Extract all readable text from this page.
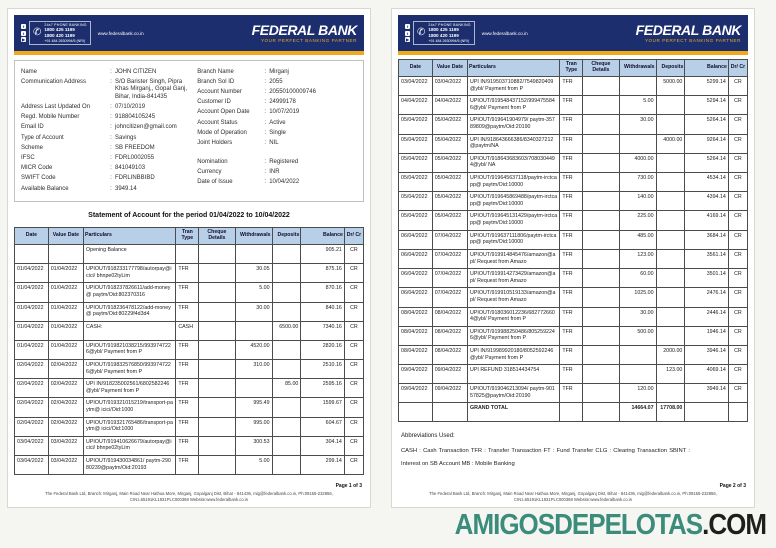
f
t
▶
✆
24x7 PHONE BANKING
1800 425 1199
1800 420 1199
+91 484 2630994/5 (NRI)
www.federalbank.co.in	FEDERAL BANK
YOUR PERFECT BANKING PARTNER
Name	: JOHN CITIZEN
Communication Address	: S/O Barister Singh, Pipra Khas Mirganj,, Gopal Ganj, Bihar, India-841435
Address Last Updated On	: 07/10/2019
Regd. Mobile Number	: 918804105245
Email ID	: johncitizen@gmail.com
Type of Account	: Savings
Scheme	: SB FREEDOM
IFSC	: FDRL0002055
MICR Code	: 841049103
SWIFT Code	: FDRLINBBIBD
Available Balance	: 3949.14
Branch Name	: Mirganj
Branch Sol ID	: 2055
Account Number	: 20550100009746
Customer ID	: 24999178
Account Open Date	: 10/07/2019
Account Status	: Active
Mode of Operation	: Single
Joint Holders	: NIL
Nomination	: Registered
Currency	: INR
Date of Issue	: 10/04/2022
Statement of Account for the period 01/04/2022 to 10/04/2022
Date	Value Date	Particulars	Tran Type	Cheque Details	Withdrawals	Deposits	Balance	Dr/ Cr
		Opening Balance					905.21	CR
01/04/2022	01/04/2022	UPIOUT/918233177798/autorpay@icici/ bhnpe02tyLim	TFR		30.05		875.16	CR
01/04/2022	01/04/2022	UPIOUT/918237826611/add-money@ paytm/Oid:802370316	TFR		5.00		870.16	CR
01/04/2022	01/04/2022	UPIOUT/918236478122/add-money@ paytm/Oid:80229f4d3d4	TFR		30.00		840.16	CR
01/04/2022	01/04/2022	CASH:	CASH			6500.00	7340.16	CR
01/04/2022	01/04/2022	UPIOUT/919821038215/9939747226@ybl/ Payment from P	TFR		4520.00		2820.16	CR
02/04/2022	02/04/2022	UPIOUT/919832576850/9939747226@ybl/ Payment from P	TFR		310.00		2510.16	CR
02/04/2022	02/04/2022	UPI IN/918235002561/6802582246@ybl/ Payment from P	TFR			85.00	2595.16	CR
02/04/2022	02/04/2022	UPIOUT/919321015219/transport-paytm@ icici/Oid:1000	TFR		995.49		1599.67	CR
02/04/2022	02/04/2022	UPIOUT/919321765486/transport-paytm@ icici/Oid:1000	TFR		995.00		604.67	CR
03/04/2022	03/04/2022	UPIOUT/919410626679/autorpay@icici/ bhnpe02tyLim	TFR		300.53		304.14	CR
03/04/2022	03/04/2022	UPIOUT/919430034861/ paytm-29080239@paytm/Oid:20193	TFR		5.00		299.14	CR
Page 1 of 3
The Federal Bank Ltd, Branch: Mirganj, Main Road Near Hathua More, Mirganj, Gopalganj Dist, Bihar - 841436, mig@federalbank.co.in, Ph:09155-232856,
CIN:L65191KL1931PLC000368 Website:www.federalbank.co.in
f
t
▶
✆
24x7 PHONE BANKING
1800 425 1199
1800 420 1199
+91 484 2630994/5 (NRI)
www.federalbank.co.in	FEDERAL BANK
YOUR PERFECT BANKING PARTNER
Date	Value Date	Particulars	Tran Type	Cheque Details	Withdrawals	Deposits	Balance	Dr/ Cr
03/04/2022	03/04/2022	UPI IN/919503710882/7549820409@ybl/ Payment from P	TFR			5000.00	5299.14	CR
04/04/2022	04/04/2022	UPIOUT/919548437152/9994755846@ybl/ Payment from P	TFR		5.00		5294.14	CR
05/04/2022	05/04/2022	UPIOUT/919641904979/ paytm-35789809@paytm/Oid:20190	TFR		30.00		5264.14	CR
05/04/2022	05/04/2022	UPI IN/918643666386/8340327212@paytm/NA	TFR			4000.00	9264.14	CR
05/04/2022	05/04/2022	UPIOUT/918643683603/7080304494@ybl/ NA	TFR		4000.00		5264.14	CR
05/04/2022	05/04/2022	UPIOUT/919645637118/paytm-irctcapp@ paytm/Oid:10000	TFR		730.00		4534.14	CR
05/04/2022	05/04/2022	UPIOUT/919645869488/paytm-irctcapp@ paytm/Oid:10000	TFR		140.00		4394.14	CR
05/04/2022	05/04/2022	UPIOUT/919645131429/paytm-irctcapp@ paytm/Oid:10000	TFR		225.00		4169.14	CR
06/04/2022	07/04/2022	UPIOUT/919637111806/paytm-irctcapp@ paytm/Oid:10000	TFR		485.00		3684.14	CR
06/04/2022	07/04/2022	UPIOUT/919914845476/amazon@apl/ Request from Amazo	TFR		123.00		3561.14	CR
06/04/2022	07/04/2022	UPIOUT/919914273429/amazon@apl/ Request from Amazo	TFR		60.00		3501.14	CR
06/04/2022	07/04/2022	UPIOUT/919910519133/amazon@apl/ Request from Amazo	TFR		1025.00		2476.14	CR
08/04/2022	08/04/2022	UPIOUT/918036012236/6827726604@ybl/ Payment from P	TFR		30.00		2446.14	CR
08/04/2022	08/04/2022	UPIOUT/919988250486/8052592246@ybl/ Payment from P	TFR		500.00		1946.14	CR
08/04/2022	08/04/2022	UPI IN/919989920180/8052592246@ybl/ Payment from P	TFR			2000.00	3946.14	CR
09/04/2022	09/04/2022	UPI REFUND 318514434754	TFR			123.00	4069.14	CR
09/04/2022	09/04/2022	UPIOUT/919046213094/ paytm-90157825@paytm/Oid:20190	TFR		120.00		3949.14	CR
		GRAND TOTAL			14664.07	17708.00		
Abbreviations Used:
CASH : Cash Transaction TFR : Transfer Transaction FT : Fund Transfer CLG : Clearing Transaction SBINT : Interest on SB Account MB : Mobile Banking
Page 2 of 3
The Federal Bank Ltd, Branch: Mirganj, Main Road Near Hathua More, Mirganj, Gopalganj Dist, Bihar - 841436, mig@federalbank.co.in, Ph:09155-232856,
CIN:L65191KL1931PLC000368 Website:www.federalbank.co.in
AMIGOSDEPELOTAS.COM
